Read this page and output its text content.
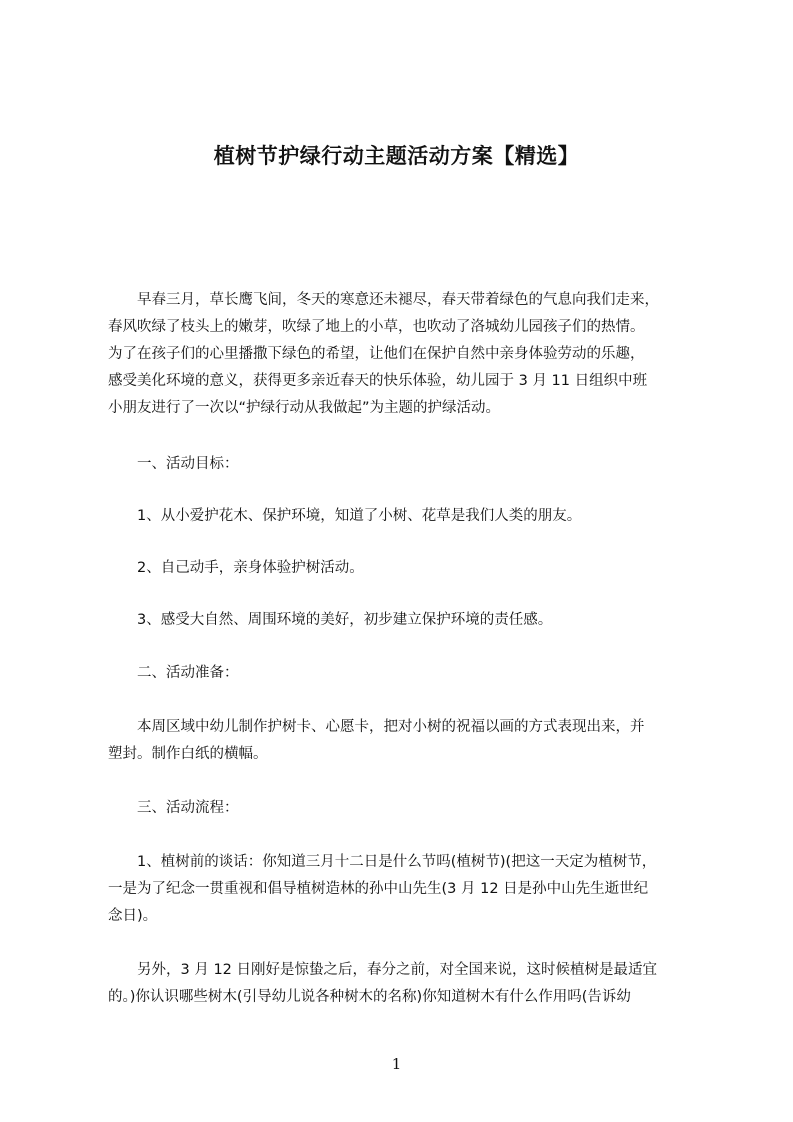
植树节护绿行动主题活动方案【精选】
　　早春三月，草长鹰飞间，冬天的寒意还未褪尽，春天带着绿色的气息向我们走来，
春风吹绿了枝头上的嫩芽，吹绿了地上的小草，也吹动了洛城幼儿园孩子们的热情。
为了在孩子们的心里播撒下绿色的希望，让他们在保护自然中亲身体验劳动的乐趣，
感受美化环境的意义，获得更多亲近春天的快乐体验，幼儿园于 3 月 11 日组织中班
小朋友进行了一次以“护绿行动从我做起”为主题的护绿活动。
　　一、活动目标：
　　1、从小爱护花木、保护环境，知道了小树、花草是我们人类的朋友。
　　2、自己动手，亲身体验护树活动。
　　3、感受大自然、周围环境的美好，初步建立保护环境的责任感。
　　二、活动准备：
　　本周区域中幼儿制作护树卡、心愿卡，把对小树的祝福以画的方式表现出来，并
塑封。制作白纸的横幅。
　　三、活动流程：
　　1、植树前的谈话：你知道三月十二日是什么节吗(植树节)(把这一天定为植树节，
一是为了纪念一贯重视和倡导植树造林的孙中山先生(3 月 12 日是孙中山先生逝世纪
念日)。
　　另外，3 月 12 日刚好是惊蛰之后，春分之前，对全国来说，这时候植树是最适宜
的。)你认识哪些树木(引导幼儿说各种树木的名称)你知道树木有什么作用吗(告诉幼
1
